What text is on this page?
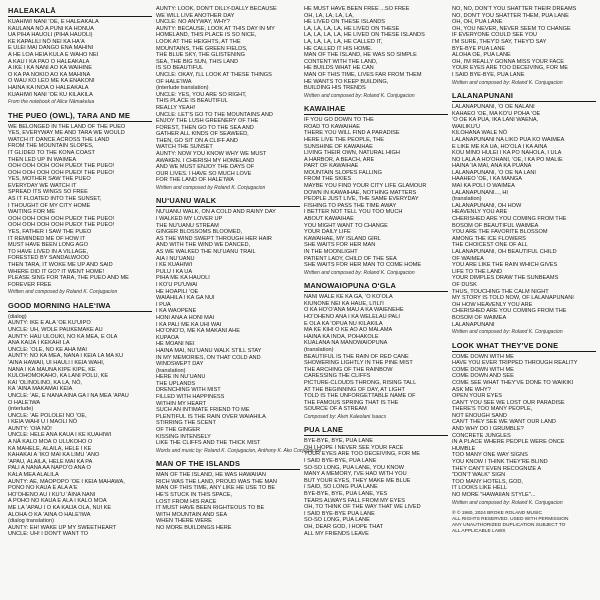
HALEAKALĀ
KUAHIWI NANI ʻOE, E HALEAKALA
KAULANA NŌ A PUNI KA HONUA
UA PIHA HAUOLI (PIHA HAUOLI)
KE KAPALILI NŌ NEI KA HAʻA
E ULEI MAI DANGO ENA MAHINI
A HE LOA HEIA KULA E WAHO NEI
A KAU I KA PAO O HALEAKALA
A IKE I KA NANI AO KA WAIHINE
O KA PA NOKIO AO KA MAHINA
O WAU KO LEO ME KA ENAKONI
HAINA KA INOA O HALEAKALA
KUAHIWI NANI ʻOE KU KILAKILA
From the notebook of Alice Nāmakelua
THE PUEO (OWL), TARA AND ME
WE BELONGED IN THE LAND OF THE PUEO
YES, EVERYWAY ME AND TARA WE WOULD
WATCH IT DANCE ACROSS THE LAND
FROM THE MOUNTAIN SLOPES,
IT GLIDED TO THE KONA COAST
THEN LED UP IN WAIMEA
OOH OOH OOH OOH PUEO! THE PUEO!
OOH OOH OOH OOH PUEO! THE PUEO!
YES, MOTHER SAW THE PUEO
EVERYDAY WE WATCH IT
SPREAD ITS WINGS SO FREE
AS IT FLOATED INTO THE SUNSET,
I THOUGHT OF MY CITY HOME
WAITING FOR ME
OOH OOH OOH OOH PUEO! THE PUEO!
OOH OOH OOH OOH PUEO! THE PUEO!
YES, FATHER I SAW THE PUEO
IT REMINDED ME OF HOW IT
MUST HAVE BEEN LONG AGO
TO HAVE LIVED IN A VILLAGE,
FORESTED BY SANDALWOOD
THEN TARA, IT WOKE ME UP AND SAID
WHERE DID IT GO? IT WENT HOME!
PLEASE SING FOR TARA, THE PUEO AND ME
FOREVER FREE
Written and composed by Roland K. Conjugacion
GOOD MORNING HALEʻIWA
(dialog)
AUNTY: IKE E ALA ʻOE KUʻUIPO
UNCLE: UH, WOLE PAUKEMAKE AU
AUNTY: HAU ULOUKI, NO KA MEA, E OLA
ANA KAIJA I KEKAHI LA
UNCLE: ʻOLE, NO KE AHA MAI
AUNTY: NO KA MEA, NANA I KEIA LA MA KU
ʻAINA HAWAII, UI HAULI I KEIA WAHI,
NANA I KA MAUNA KIPE KIPE, KE
KULOHOMOKAHO, KA LANI POLU, KE
KAI ʻOLINOLINO, KA LA, NŌ,
KA ʻAINA MAKAMAI KEIA
UNCLE: ʻAE, E NANA AINA GA I NA MEA ʻAPAU
O HALEʻIWA
(interlude)
UNCLE: ʻAE POLOLEI NO ʻOE,
I KEIA WAHI U I MAOLI NŌ
AUNTY: ʻOIA NŌ!
UNCLE: HELE ANA KAUA I KE KUAHIWI
A NĀ KALO MOA O ULUKOHO O
KA MAHELE, ALAILA, HELE I KE
KAHAKAI A ʻIKO MAI KA LIMU ʻANO
ʻAPAU, ALAILA, HELE MAI KA PA
PALI A NANA AA NAPOʻO ANA O
KALA MEA ALALILA
AUNTY: AE, MAOPOPO ʻOE I KEIA MAHAWA,
PONO NO KAUA E ALA AʻE
HOʻOHENO AU I KUʻU ʻĀINA NANI
A POHO NO KAUA E ALA I KALO MOA
ME LA ʻAPAU I O KA KAIJA OLA, NUI KE
ALOHA O KA ʻAINA O HALEʻIWA
(dialog translation)
AUNTY: EH! WAKE UP MY SWEETHEART
UNCLE: UH! I DON'T WANT TO
AUNTY: LOOK, DON'T DILLY-DALLY BECAUSE
WE WILL LIVE ANOTHER DAY
UNCLE: NO ANYWAY, WHY?
AUNTY: BECAUSE, LOOK AT THIS DAY IN MY
HOMELAND, THIS PLACE IS SO NICE,
LOOK AT THE HEIGHTS, AT THE
MOUNTAINS, THE GREEN FIELDS,
THE BLUE SKY, THE GLISTENING
SEA, THE BIG SUN, THIS LAND
IS SO BEAUTIFUL
UNCLE: OKAY, I'LL LOOK AT THESE THINGS
OF HALEʻIWA
(interlude translation)
UNCLE: YES, YOU ARE SO RIGHT,
THIS PLACE IS BEAUTIFUL
REALLY YEAH!
UNCLE: LET'S GO TO THE MOUNTAINS AND
ENJOY THE LUSH GREENERY OF THE
FOREST, THEN GO TO THE SEA AND
GATHER ALL KINDS OF SEAWEED,
THEN, GO SIT ON A CLIFF AND
WATCH THE SUNSET
AUNTY: NOW YOU KNOW WHY WE MUST
AWAKEN. I CHERISH MY HOMELAND
AND WE MUST ENJOY THE DAYS OF
OUR LIVES. I HAVE SO MUCH LOVE
FOR THE LAND OF HALEʻIWA
Written and composed by Roland K. Conjugacion
NUʻUANU WALK
NUʻUANU WALK, ON A COLD AND RAINY DAY
I WALKED MY LOVER UP
THE NUʻUANU STREAM
GINGER BLOSSOMS BLOOMED,
AS THE WIND SWEPT THROUGH HER HAIR
AND WITH THE WIND WE DANCED,
AS WE WALKED THE NUʻUANU TRAIL
AIA I NUʻUANU
I KE KUAHIWI
PULU I KA UA
PIHA ME KA HAUOLI
I KOʻU PUʻUWAI
HE HOAPILI ʻOE
WAIAHILA I KA GA NUI
I PUA
I KA WAOPENE
HONI ANA A HONI MAI
I KA PALI ME KA UHI WAI
HOʻONOʻO, ME KA MAKANI AHE
KUPAOA
HE MOANI NEI
HAINA MAI, NUʻUANU WALK STILL STAY
IN MY MEMORIES, ON THAT COLD AND
WINDSWEPT DAY
(translation)
HERE IN NUʻUANU
THE UPLANDS
DRENCHING WITH MIST
FILLED WITH HAPPINESS
WITHIN MY HEART
SUCH AN INTIMATE FRIEND TO ME
PLENTIFUL IS THE RAIN OVER WAIAHILA
STIRRING THE SCENT
OF THE GINGER
KISSING INTENSELY
LIKE THE CLIFFS AND THE THICK MIST
Words and music by: Roland K. Conjugacion, Anthony K. Ako Conjugacion
MAN OF THE ISLANDS
MAN OF THE ISLAND, HE WAS HAWAIIAN
RICH WAS THE LAND, PROUD WAS THE MAN
MAN OF THIS TIME, ANY LIKE HE USE TO BE
HE'S STUCK IN THIS SPACE,
LOST FROM HIS RACE
IT MUST HAVE BEEN RIGHTEOUS TO BE
WITH MOUNTAIN AND SEA
WHEN THERE WERE
NO MORE BUILDINGS HERE
HE MUST HAVE BEEN FREE ...SO FREE
OH, LA, LA, LA, LA,
HE LIVED ON THESE ISLANDS
LA, LA, LA, LA, HE LIVED ON THESE
LA, LA, LA, LA, HE LIVED ON THESE ISLANDS
LA, LA, LA, LA, HE CALLED IT,
HE CALLED IT HIS HOME.
MAN OF THE ISLAND, HE WAS SO SIMPLE
CONTENT WITH THE LAND,
HE BUILDS WHAT HE CAN
MAN OF THIS TIME, LIVES FAR FROM THEM
HE WANTS TO KEEP BUILDING,
BUILDING HIS TRENDS
Written and composed by: Roland K. Conjugacion
KAWAIHAE
IF YOU GO DOWN TO THE
ROAD TO KAWAIHAE
THERE YOU WILL FIND A PARADISE
HERE LIVE THE PEOPLE, THE
SUNSHINE OF KAWAIHAE
LIVING THEIR OWN, NATURAL HIGH
A HARBOR, A BEACH, ARE
PART OF KAWAIHAE
MOUNTAIN SLOPES FALLING
FROM THE SKIES
MAYBE YOU FIND YOUR CITY LIFE GLAMOUR
DOWN IN KAWAIHAE, NOTHING MATTERS
PEOPLE JUST LIVE, THE SAME EVERYDAY
FISHING TO PASS THE TIME AWAY
I BETTER NOT TELL YOU TOO MUCH
ABOUT KAWAIHAE
YOU MIGHT WANT TO CHANGE
YOUR DAILY LIFE
KAWAIHAE, MY ISLAND GIRL
SHE WAITS FOR HER MAN
IN THE MOONLIGHT
PATIENT LADY, CHILD OF THE SEA
SHE WAITS FOR HER MAN TO COME HOME
Written and composed by: Roland K. Conjugacion
MANOWAIOPUNA OʻGLA
NANI WALE KE KA GA, ʻO KOʻOLA
KIUNONE NEI KA HAUE, LI'ILI'I
O KA HOʻOʻANA MAU A KA WAIENEHE
HOʻOHENO ANA I KA WELELAU PALI
E OLA KA ʻOPUA NU KILAKILA
MA KE KIHI O KE AO AO MALAMA
HAINA KA INOA, POHAKOLE
KUALANA NA MANOWAIOPUNA
(translation)
BEAUTIFUL IS THE RAIN OF RED CANE
SHOWERING LIGHTLY IN THE PINE MIST
THE ARCHING OF THE RAINBOW
CARESSING THE CLIFFS
PICTURE-CLOUDS THRONG, RISING TALL
AT THE BEGINNING OF DAY, AT LIGHT
TOLD IS THE UNFORGETTABLE NAME OF
THE FAMOUS SPRING THAT IS THE
SOURCE OF A STREAM
Composed by: Alvin Kaleolani Isaacs
PUA LANE
BYE-BYE, BYE, PUA LANE
OH I HOPE I NEVER SEE YOUR FACE
YOUR EYES ARE TOO DECEIVING, FOR ME
I SAID BYE-BYE, PUA LANE
SO-SO LONG, PUA LANE, YOU KNOW
MANY A MEMORY, I'VE HAD WITH YOU
BUT YOUR EYES, THEY MAKE ME BLUE
I SAID, SO LONG PUA LANE
BYE-BYE, BYE, PUA LANE, YES
TEARS ALWAYS FALL FROM MY EYES
OH, TO THINK OF THE WAY THAT WE LIVED
I SAID BYE-BYE PUA LANE
SO-SO LONG, PUA LANE
OH, DEAR GOD, I HOPE THAT
ALL MY FRIENDS LEAVE
NO, NO, DON'T YOU SHATTER THEIR DREAMS
NO, DON'T YOU SHATTER THEM, PUA LANE
OH, OH, PUA LANE
OH, YOU NEVER, NEVER SEEM TO CHANGE
IF EVERYONE COULD SEE YOU
I'M SURE, THEY'D SAY, THEY'D SAY
BYE-BYE PUA LANE
ALOHA OE, PUA LANE
OH, I'M REALLY GONNA MISS YOUR FACE
YOUR EYES ARE TOO DECEIVING, FOR ME
I SAID BYE-BYE, PUA LANE
Written and composed by: Roland K. Conjugacion
LALANAPUNANI
LALANAPUNANI, ʻO OE NALANI
KAHAEO ʻOE, MA KOʻU POHA ʻOE
ʻO OE KA PUA, IKA LANI WAENA,
WAILIKUʻU
KILOHANA WALE NŌ
LALANAPUNANI NA LIKO PUA KO WAIMEA
E LIKE ME KA UA, HOʻOLA I KA AINA
KOU MINO HULEI I KA PO NAHOLA, I ULA
NO LALA A HOʻOHANI, ʻOE, I KA PO MALIE
HAINA 'IA MAI, ANA KA PUANA
LALANAPUNANI, ʻO OE NA LANI
HAAHEO ʻOE, I KA MANGA
MAI KA POLI O WAIMEA
LALANAPUNANI..., HI
(translation)
LALANAPUNANI, OH HOW
HEAVENLY YOU ARE
CHERISHED ARE YOU COMING FROM THE
BOSOM OF BEAUTIFUL WAIMEA
YOU ARE THE FAVORITE BLOSSOM
AMONG THE ICE FLOWERS
THE CHOICEST ONE OF ALL
LALANAPUNANI, OH BEAUTIFUL CHILD
OF WAIMEA
YOU ARE LIKE THE RAIN WHICH GIVES
LIFE TO THE LAND
YOUR DIMPLES DRAW THE SUNBEAMS
OF DUSK
THUS, TOUCHING THE CALM NIGHT
MY STORY IS TOLD NOW, OF LALANAPUNANI
OH HOW HEAVENLY YOU ARE
CHERISHED ARE YOU COMING FROM THE
BOSOM OF WAIMEA
LALANAPUNANI
Written and composed by: Roland K. Conjugacion
LOOK WHAT THEY'VE DONE
COME DOWN WITH ME
HAVE YOU EVER TRIPPED THROUGH REALITY
COME DOWN WITH ME
COME DOWN AND SEE
COME SEE WHAT THEY'VE DONE TO WAIKIKI
ASK ME WHY?
OPEN YOUR EYES
CAN'T YOU SEE WE LOST OUR PARADISE
THERE'S TOO MANY PEOPLE,
NOT ENOUGH SAND
CAN'T THEY SEE WE WANT OUR LAND
AND WHY DO I GRUMBLE?
CONCRETE JUNGLES
IN A PLACE WHERE PEOPLE WERE ONCE
HUMBLE
TOO MANY ONE WAY SIGNS
YOU KNOW I THINK THEY'RE BLIND
THEY CAN'T EVEN RECOGNIZE A
"DON'T WALK" SIGN
TOO MANY HOTELS, GOD,
IT LOOKS LIKE HELL
NO MORE "HAWAIIAN STYLE"...
Written and composed by: Roland K. Conjugacion
℗ © 1980, 2024 BROKE ROLAND MUSIC
ALL RIGHTS RESERVED. USED WITH PERMISSION
ANY UNAUTHORIZED DUPLICATION SUBJECT TO
ALL APPLICABLE LAWS
